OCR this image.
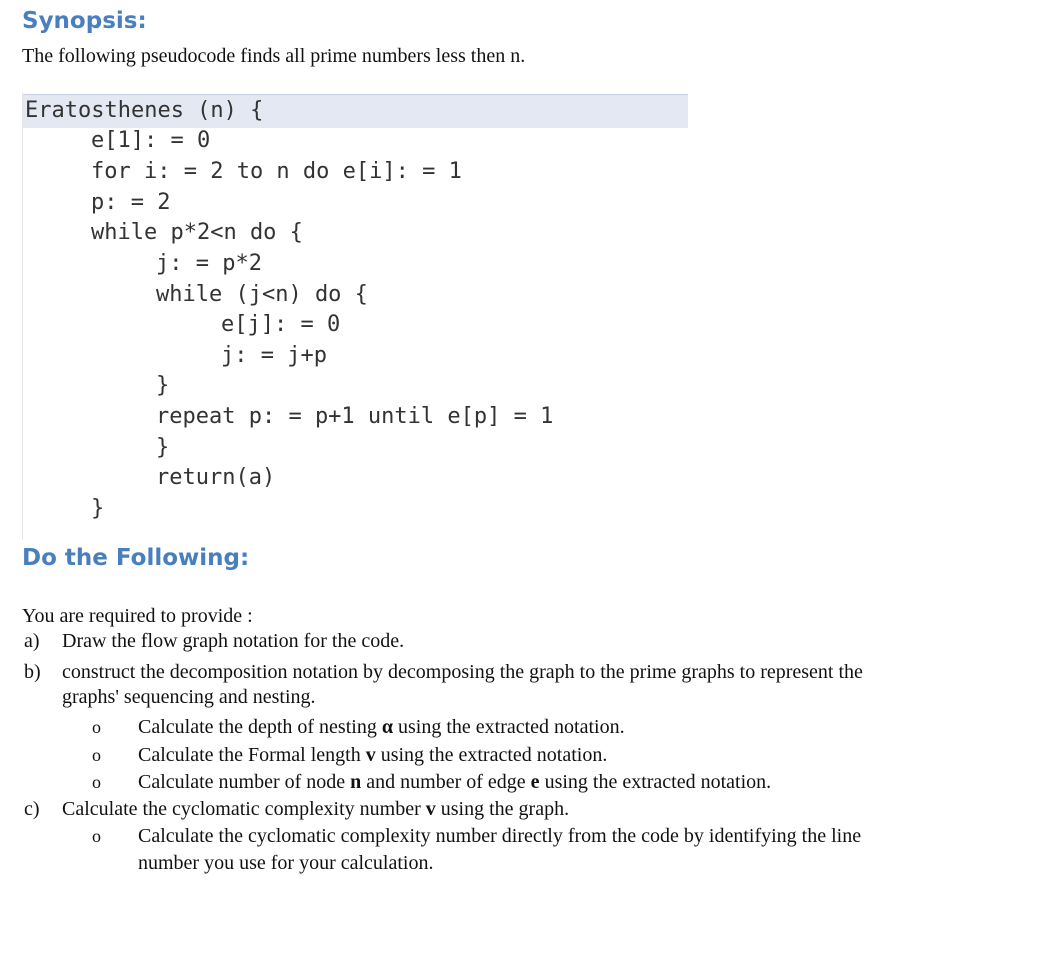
Synopsis:

The following pseudocode finds all prime numbers less then n.

Eratosthenes (n) {
e[1]: = 0
for i: = 2 to n do e[i]: = 1
p: = 2
while p*2<n do {
j: = p*2
while (j<n) do {
e[j]: = 0
j: = j+p
}
repeat p: = p+1 until e[p] = 1
}
return(a)
}
Do the Following:

You are required to provide :

a) Draw the flow graph notation for the code.
b) construct the decomposition notation by decomposing the graph to the prime graphs to represent the
graphs' sequencing and nesting.
o Calculate the depth of nesting α using the extracted notation.
o Calculate the Formal length v using the extracted notation.
o Calculate number of node n and number of edge e using the extracted notation.
c) Calculate the cyclomatic complexity number v using the graph.
o Calculate the cyclomatic complexity number directly from the code by identifying the line
number you use for your calculation.
